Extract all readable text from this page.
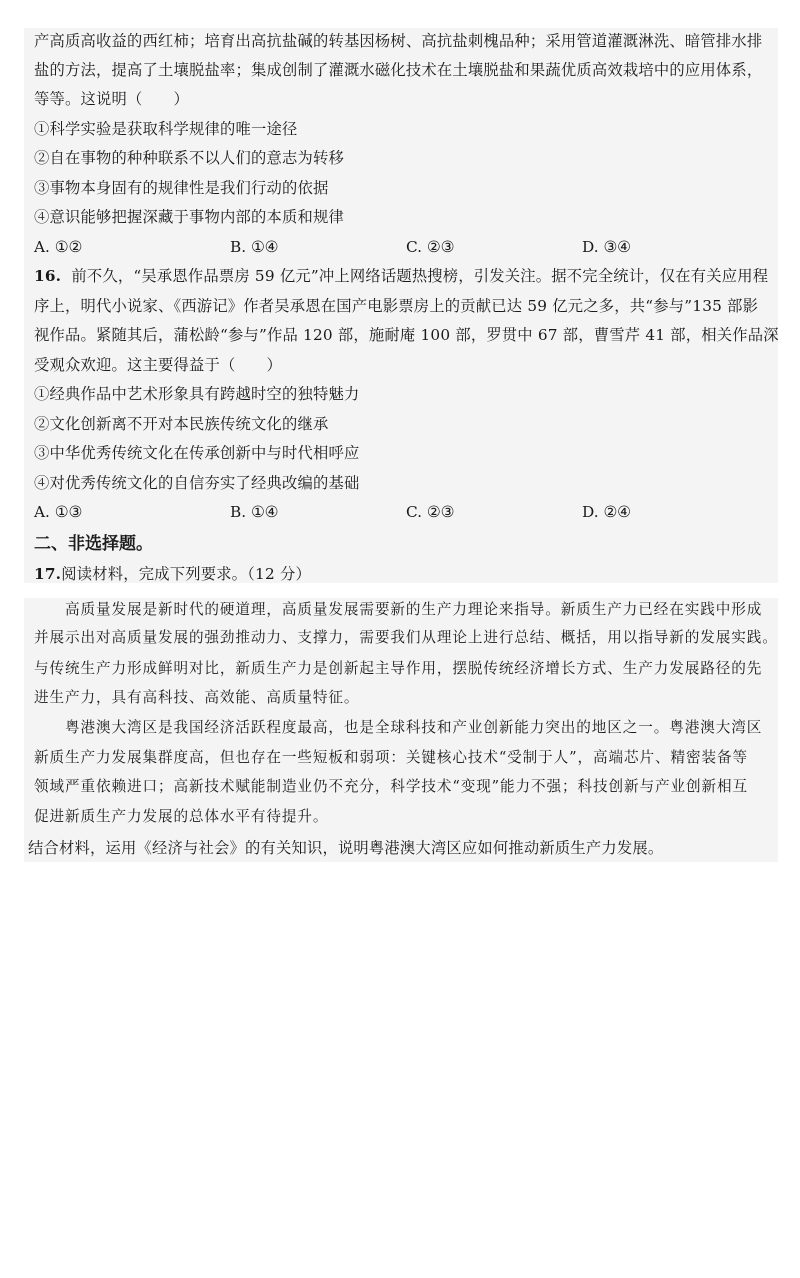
产高质高收益的西红柿；培育出高抗盐碱的转基因杨树、高抗盐刺槐品种；采用管道灌溉淋洗、暗管排水排
盐的方法，提高了土壤脱盐率；集成创制了灌溉水磁化技术在土壤脱盐和果蔬优质高效栽培中的应用体系，
等等。这说明（　　）
①科学实验是获取科学规律的唯一途径
②自在事物的种种联系不以人们的意志为转移
③事物本身固有的规律性是我们行动的依据
④意识能够把握深藏于事物内部的本质和规律
A. ①②	B. ①④	C. ②③	D. ③④
16. 前不久，“吴承恩作品票房 59 亿元”冲上网络话题热搜榜，引发关注。据不完全统计，仅在有关应用程
序上，明代小说家、《西游记》作者吴承恩在国产电影票房上的贡献已达 59 亿元之多，共“参与”135 部影
视作品。紧随其后，蒲松龄“参与”作品 120 部，施耐庵 100 部，罗贯中 67 部，曹雪芹 41 部，相关作品深
受观众欢迎。这主要得益于（　　）
①经典作品中艺术形象具有跨越时空的独特魅力
②文化创新离不开对本民族传统文化的继承
③中华优秀传统文化在传承创新中与时代相呼应
④对优秀传统文化的自信夯实了经典改编的基础
A. ①③	B. ①④	C. ②③	D. ②④
二、非选择题。
17.阅读材料，完成下列要求。（12 分）
　　高质量发展是新时代的硬道理，高质量发展需要新的生产力理论来指导。新质生产力已经在实践中形成
并展示出对高质量发展的强劲推动力、支撑力，需要我们从理论上进行总结、概括，用以指导新的发展实践。
与传统生产力形成鲜明对比，新质生产力是创新起主导作用，摆脱传统经济增长方式、生产力发展路径的先
进生产力，具有高科技、高效能、高质量特征。
　　粤港澳大湾区是我国经济活跃程度最高，也是全球科技和产业创新能力突出的地区之一。粤港澳大湾区
新质生产力发展集群度高，但也存在一些短板和弱项：关键核心技术“受制于人”，高端芯片、精密装备等
领域严重依赖进口；高新技术赋能制造业仍不充分，科学技术“变现”能力不强；科技创新与产业创新相互
促进新质生产力发展的总体水平有待提升。
结合材料，运用《经济与社会》的有关知识，说明粤港澳大湾区应如何推动新质生产力发展。
